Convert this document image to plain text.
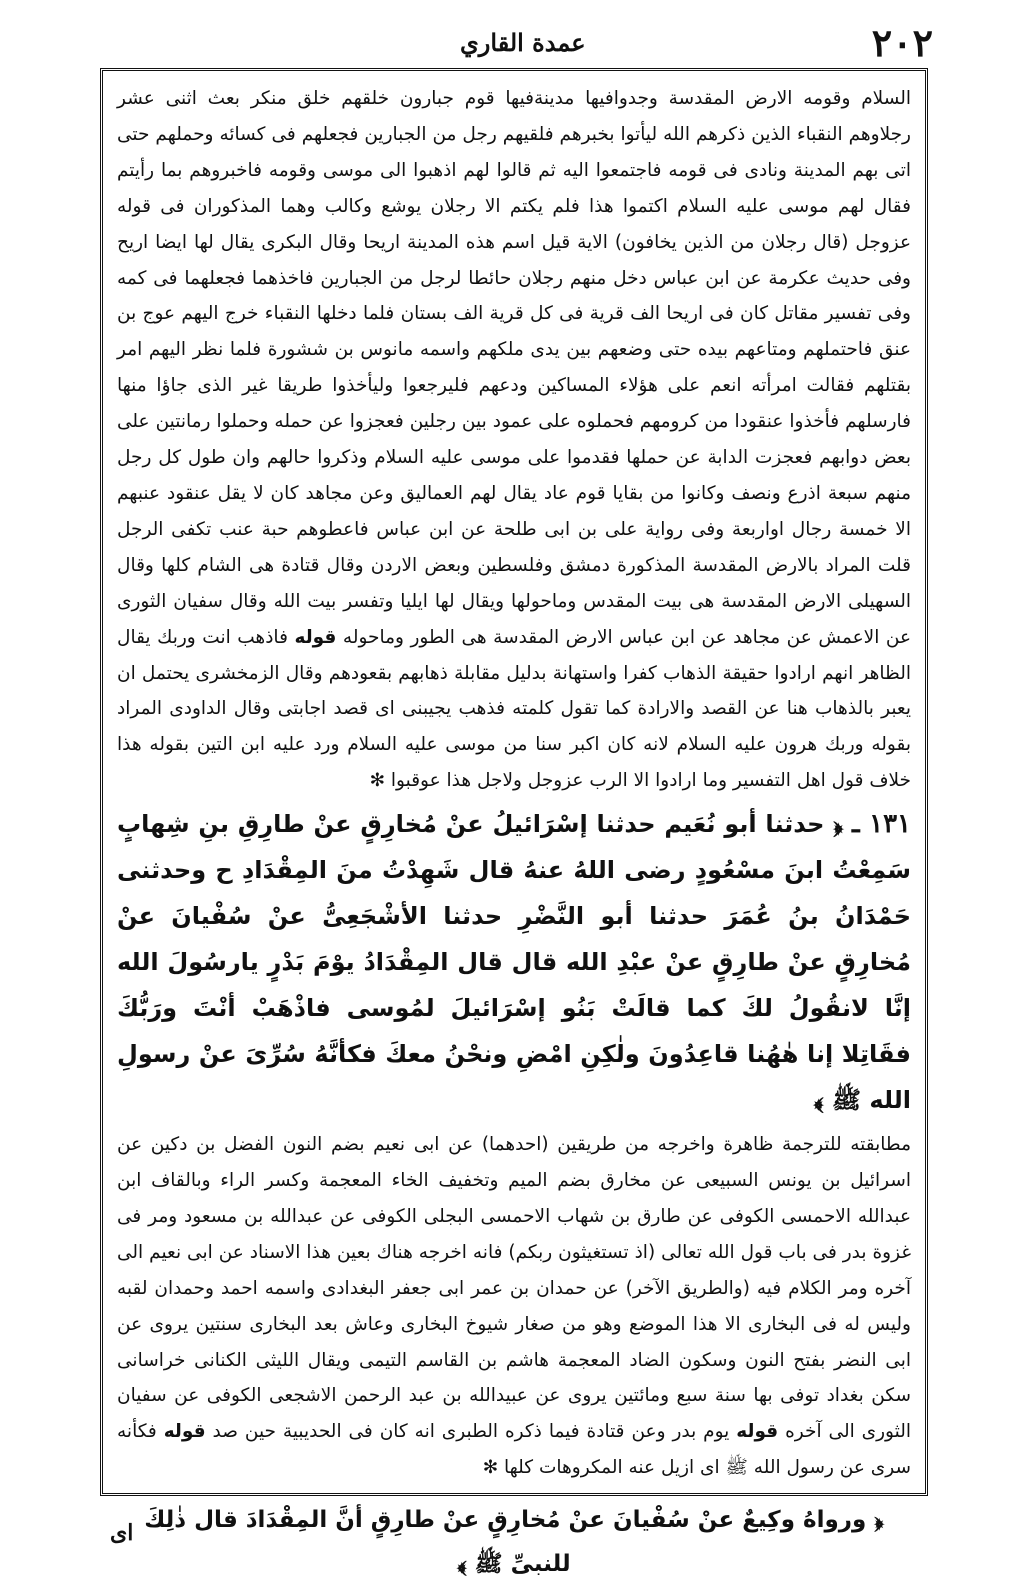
٢٠٢
عمدة القاري

السلام وقومه الارض المقدسة وجدوافيها مدينةفيها قوم جبارون خلقهم خلق منكر بعث اثنى عشر رجلاوهم النقباء الذين ذكرهم الله ليأتوا بخبرهم فلقيهم رجل من الجبارين فجعلهم فى كسائه وحملهم حتى اتى بهم المدينة ونادى فى قومه فاجتمعوا اليه ثم قالوا لهم اذهبوا الى موسى وقومه فاخبروهم بما رأيتم فقال لهم موسى عليه السلام اكتموا هذا فلم يكتم الا رجلان يوشع وكالب وهما المذكوران فى قوله عزوجل (قال رجلان من الذين يخافون) الاية قيل اسم هذه المدينة اريحا وقال البكرى يقال لها ايضا اريح وفى حديث عكرمة عن ابن عباس دخل منهم رجلان حائطا لرجل من الجبارين فاخذهما فجعلهما فى كمه وفى تفسير مقاتل كان فى اريحا الف قرية فى كل قرية الف بستان فلما دخلها النقباء خرج اليهم عوج بن عنق فاحتملهم ومتاعهم بيده حتى وضعهم بين يدى ملكهم واسمه مانوس بن ششورة فلما نظر اليهم امر بقتلهم فقالت امرأته انعم على هؤلاء المساكين ودعهم فليرجعوا وليأخذوا طريقا غير الذى جاؤا منها فارسلهم فأخذوا عنقودا من كرومهم فحملوه على عمود بين رجلين فعجزوا عن حمله وحملوا رمانتين على بعض دوابهم فعجزت الدابة عن حملها فقدموا على موسى عليه السلام وذكروا حالهم وان طول كل رجل منهم سبعة اذرع ونصف وكانوا من بقايا قوم عاد يقال لهم العماليق وعن مجاهد كان لا يقل عنقود عنبهم الا خمسة رجال اواربعة وفى رواية على بن ابى طلحة عن ابن عباس فاعطوهم حبة عنب تكفى الرجل قلت المراد بالارض المقدسة المذكورة دمشق وفلسطين وبعض الاردن وقال قتادة هى الشام كلها وقال السهيلى الارض المقدسة هى بيت المقدس وماحولها ويقال لها ايليا وتفسر بيت الله وقال سفيان الثورى عن الاعمش عن مجاهد عن ابن عباس الارض المقدسة هى الطور وماحوله قوله فاذهب انت وربك يقال الظاهر انهم ارادوا حقيقة الذهاب كفرا واستهانة بدليل مقابلة ذهابهم بقعودهم وقال الزمخشرى يحتمل ان يعبر بالذهاب هنا عن القصد والارادة كما تقول كلمته فذهب يجيبنى اى قصد اجابتى وقال الداودى المراد بقوله وربك هرون عليه السلام لانه كان اكبر سنا من موسى عليه السلام ورد عليه ابن التين بقوله هذا خلاف قول اهل التفسير وما ارادوا الا الرب عزوجل ولاجل هذا عوقبوا ✻

١٣١ ـ ﴿ حدثنا أبو نُعَيم حدثنا إسْرَائيلُ عنْ مُخارِقٍ عنْ طارِقِ بنِ شِهابٍ سَمِعْتُ ابنَ مسْعُودٍ رضى اللهُ عنهُ قال شَهِدْتُ منَ المِقْدَادِ ح وحدثنى حَمْدَانُ بنُ عُمَرَ حدثنا أبو النَّضْرِ حدثنا الأشْجَعِىُّ عنْ سُفْيانَ عنْ مُخارِقٍ عنْ طارِقٍ عنْ عبْدِ الله قال قال المِقْدَادُ يوْمَ بَدْرٍ يارسُولَ الله إنَّا لانقُولُ لكَ كما قالَتْ بَنُو إسْرَائيلَ لمُوسى فاذْهَبْ أنْتَ ورَبُّكَ فقَاتِلا إنا هٰهُنا قاعِدُونَ ولٰكِنِ امْضِ ونحْنُ معكَ فكأنَّهُ سُرِّىَ عنْ رسولِ الله ﷺ ﴾

مطابقته للترجمة ظاهرة واخرجه من طريقين (احدهما) عن ابى نعيم بضم النون الفضل بن دكين عن اسرائيل بن يونس السبيعى عن مخارق بضم الميم وتخفيف الخاء المعجمة وكسر الراء وبالقاف ابن عبدالله الاحمسى الكوفى عن طارق بن شهاب الاحمسى البجلى الكوفى عن عبدالله بن مسعود ومر فى غزوة بدر فى باب قول الله تعالى (اذ تستغيثون ربكم) فانه اخرجه هناك بعين هذا الاسناد عن ابى نعيم الى آخره ومر الكلام فيه (والطريق الآخر) عن حمدان بن عمر ابى جعفر البغدادى واسمه احمد وحمدان لقبه وليس له فى البخارى الا هذا الموضع وهو من صغار شيوخ البخارى وعاش بعد البخارى سنتين يروى عن ابى النضر بفتح النون وسكون الضاد المعجمة هاشم بن القاسم التيمى ويقال الليثى الكنانى خراسانى سكن بغداد توفى بها سنة سبع ومائتين يروى عن عبيدالله بن عبد الرحمن الاشجعى الكوفى عن سفيان الثورى الى آخره قوله يوم بدر وعن قتادة فيما ذكره الطبرى انه كان فى الحديبية حين صد قوله فكأنه سرى عن رسول الله ﷺ اى ازيل عنه المكروهات كلها ✻

﴿ ورواهُ وكِيعٌ عنْ سُفْيانَ عنْ مُخارِقٍ عنْ طارِقٍ أنَّ المِقْدَادَ قال ذٰلِكَ للنبىِّ ﷺ ﴾

اى
